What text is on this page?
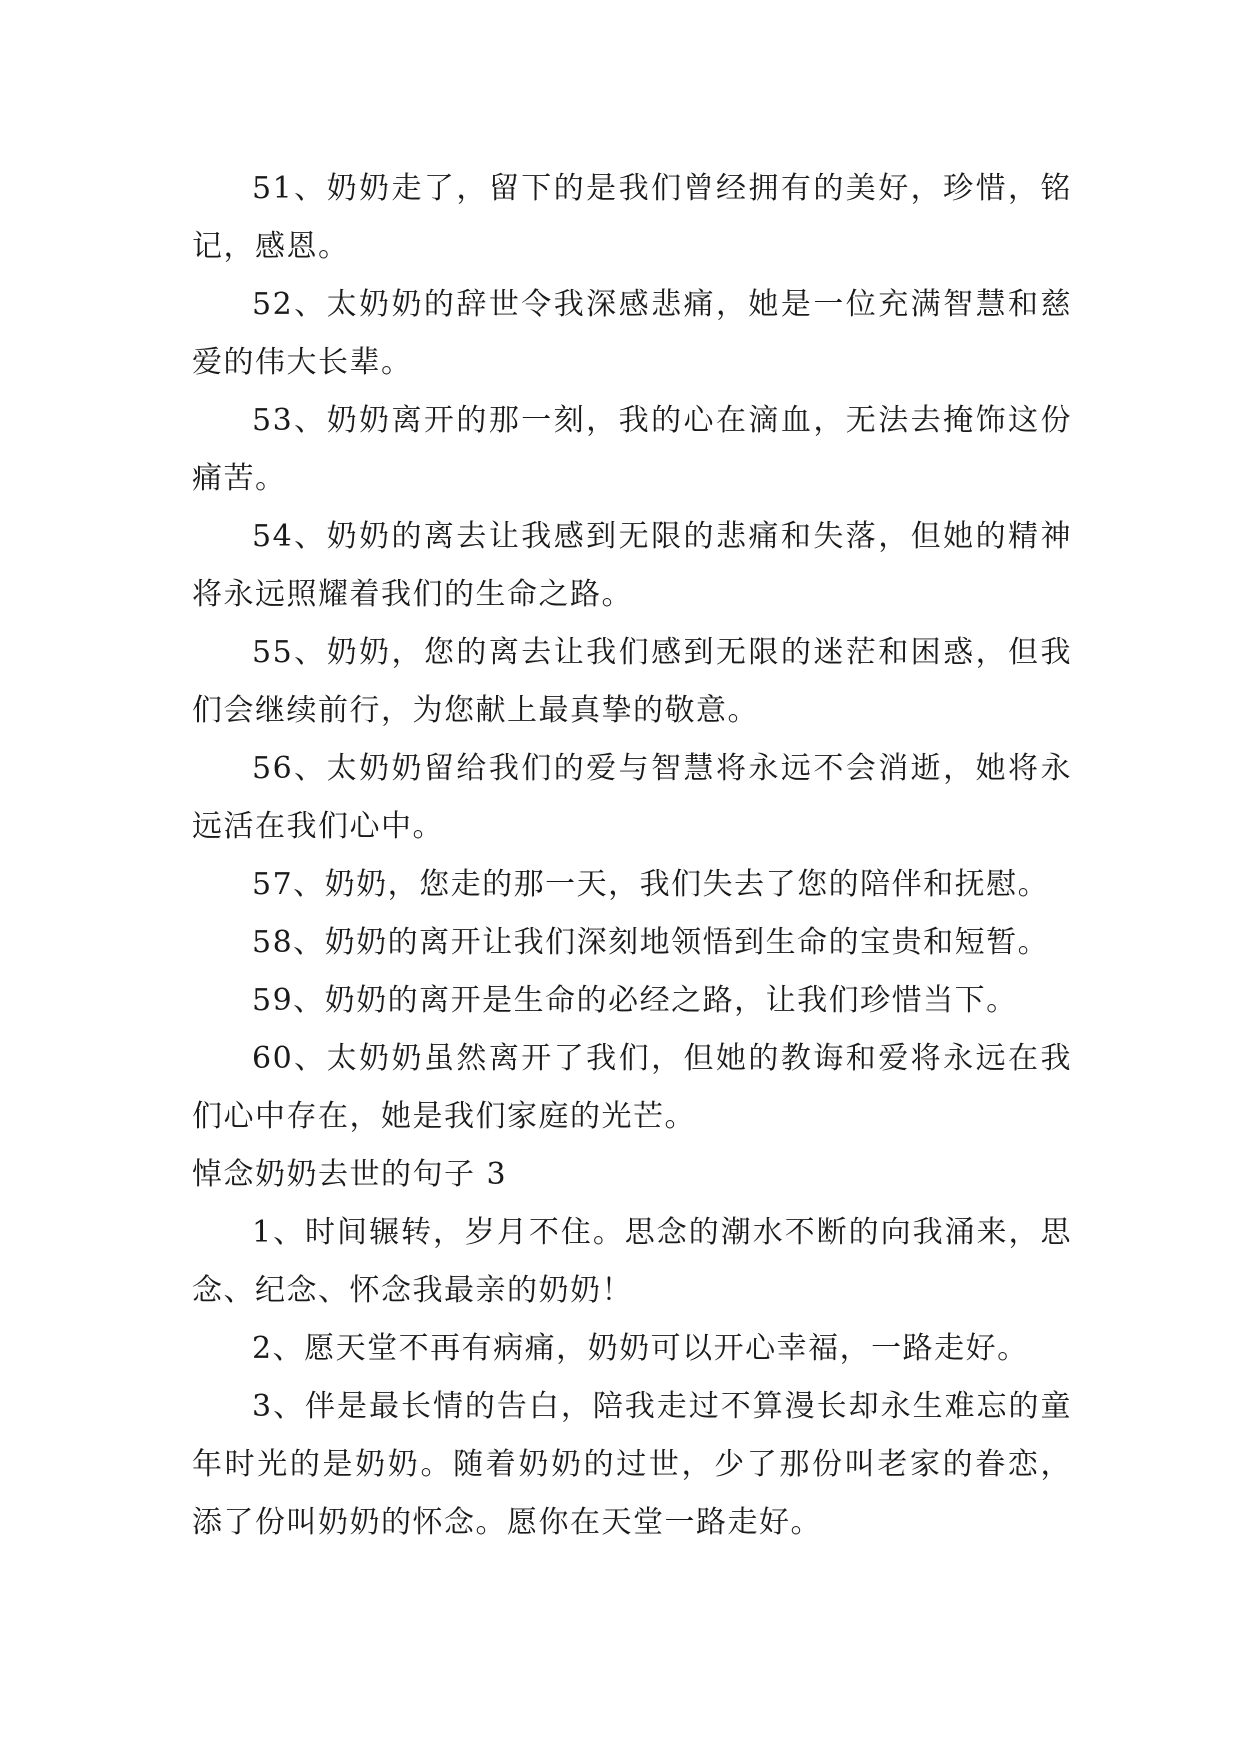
51、奶奶走了，留下的是我们曾经拥有的美好，珍惜，铭记，感恩。

52、太奶奶的辞世令我深感悲痛，她是一位充满智慧和慈爱的伟大长辈。

53、奶奶离开的那一刻，我的心在滴血，无法去掩饰这份痛苦。

54、奶奶的离去让我感到无限的悲痛和失落，但她的精神将永远照耀着我们的生命之路。

55、奶奶，您的离去让我们感到无限的迷茫和困惑，但我们会继续前行，为您献上最真挚的敬意。

56、太奶奶留给我们的爱与智慧将永远不会消逝，她将永远活在我们心中。

57、奶奶，您走的那一天，我们失去了您的陪伴和抚慰。

58、奶奶的离开让我们深刻地领悟到生命的宝贵和短暂。

59、奶奶的离开是生命的必经之路，让我们珍惜当下。

60、太奶奶虽然离开了我们，但她的教诲和爱将永远在我们心中存在，她是我们家庭的光芒。

悼念奶奶去世的句子 3

1、时间辗转，岁月不住。思念的潮水不断的向我涌来，思念、纪念、怀念我最亲的奶奶！

2、愿天堂不再有病痛，奶奶可以开心幸福，一路走好。

3、伴是最长情的告白，陪我走过不算漫长却永生难忘的童年时光的是奶奶。随着奶奶的过世，少了那份叫老家的眷恋，添了份叫奶奶的怀念。愿你在天堂一路走好。
